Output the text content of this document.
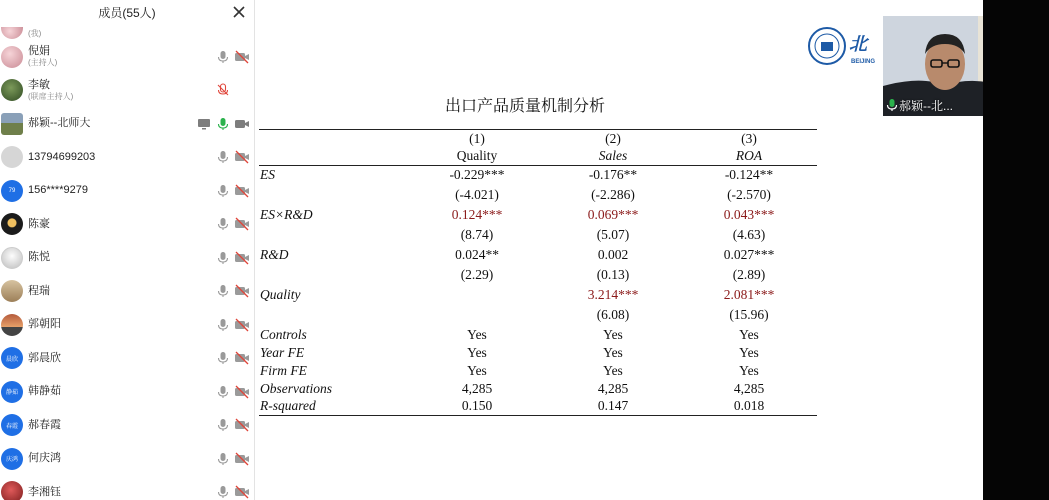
成员(55人)
(我)
倪娟
(主持人)
李敏
(联席主持人)
郝颖--北师大
13794699203
79	156****9279
陈豪
陈悦
程瑞
郭朝阳
晨欣 郭晨欣
静茹 韩静茹
春霞 郝春霞
庆鸿 何庆鸿
李湘钰
北
BEIJING
出口产品质量机制分析
	(1)	(2)	(3)
	Quality	Sales	ROA
ES	-0.229***	-0.176**	-0.124**
	(-4.021)	(-2.286)	(-2.570)
ES×R&D	0.124***	0.069***	0.043***
	(8.74)	(5.07)	(4.63)
R&D	0.024**	0.002	0.027***
	(2.29)	(0.13)	(2.89)
Quality		3.214***	2.081***
		(6.08)	(15.96)
Controls	Yes	Yes	Yes
Year FE	Yes	Yes	Yes
Firm FE	Yes	Yes	Yes
Observations	4,285	4,285	4,285
R-squared	0.150	0.147	0.018
郝颖--北...
